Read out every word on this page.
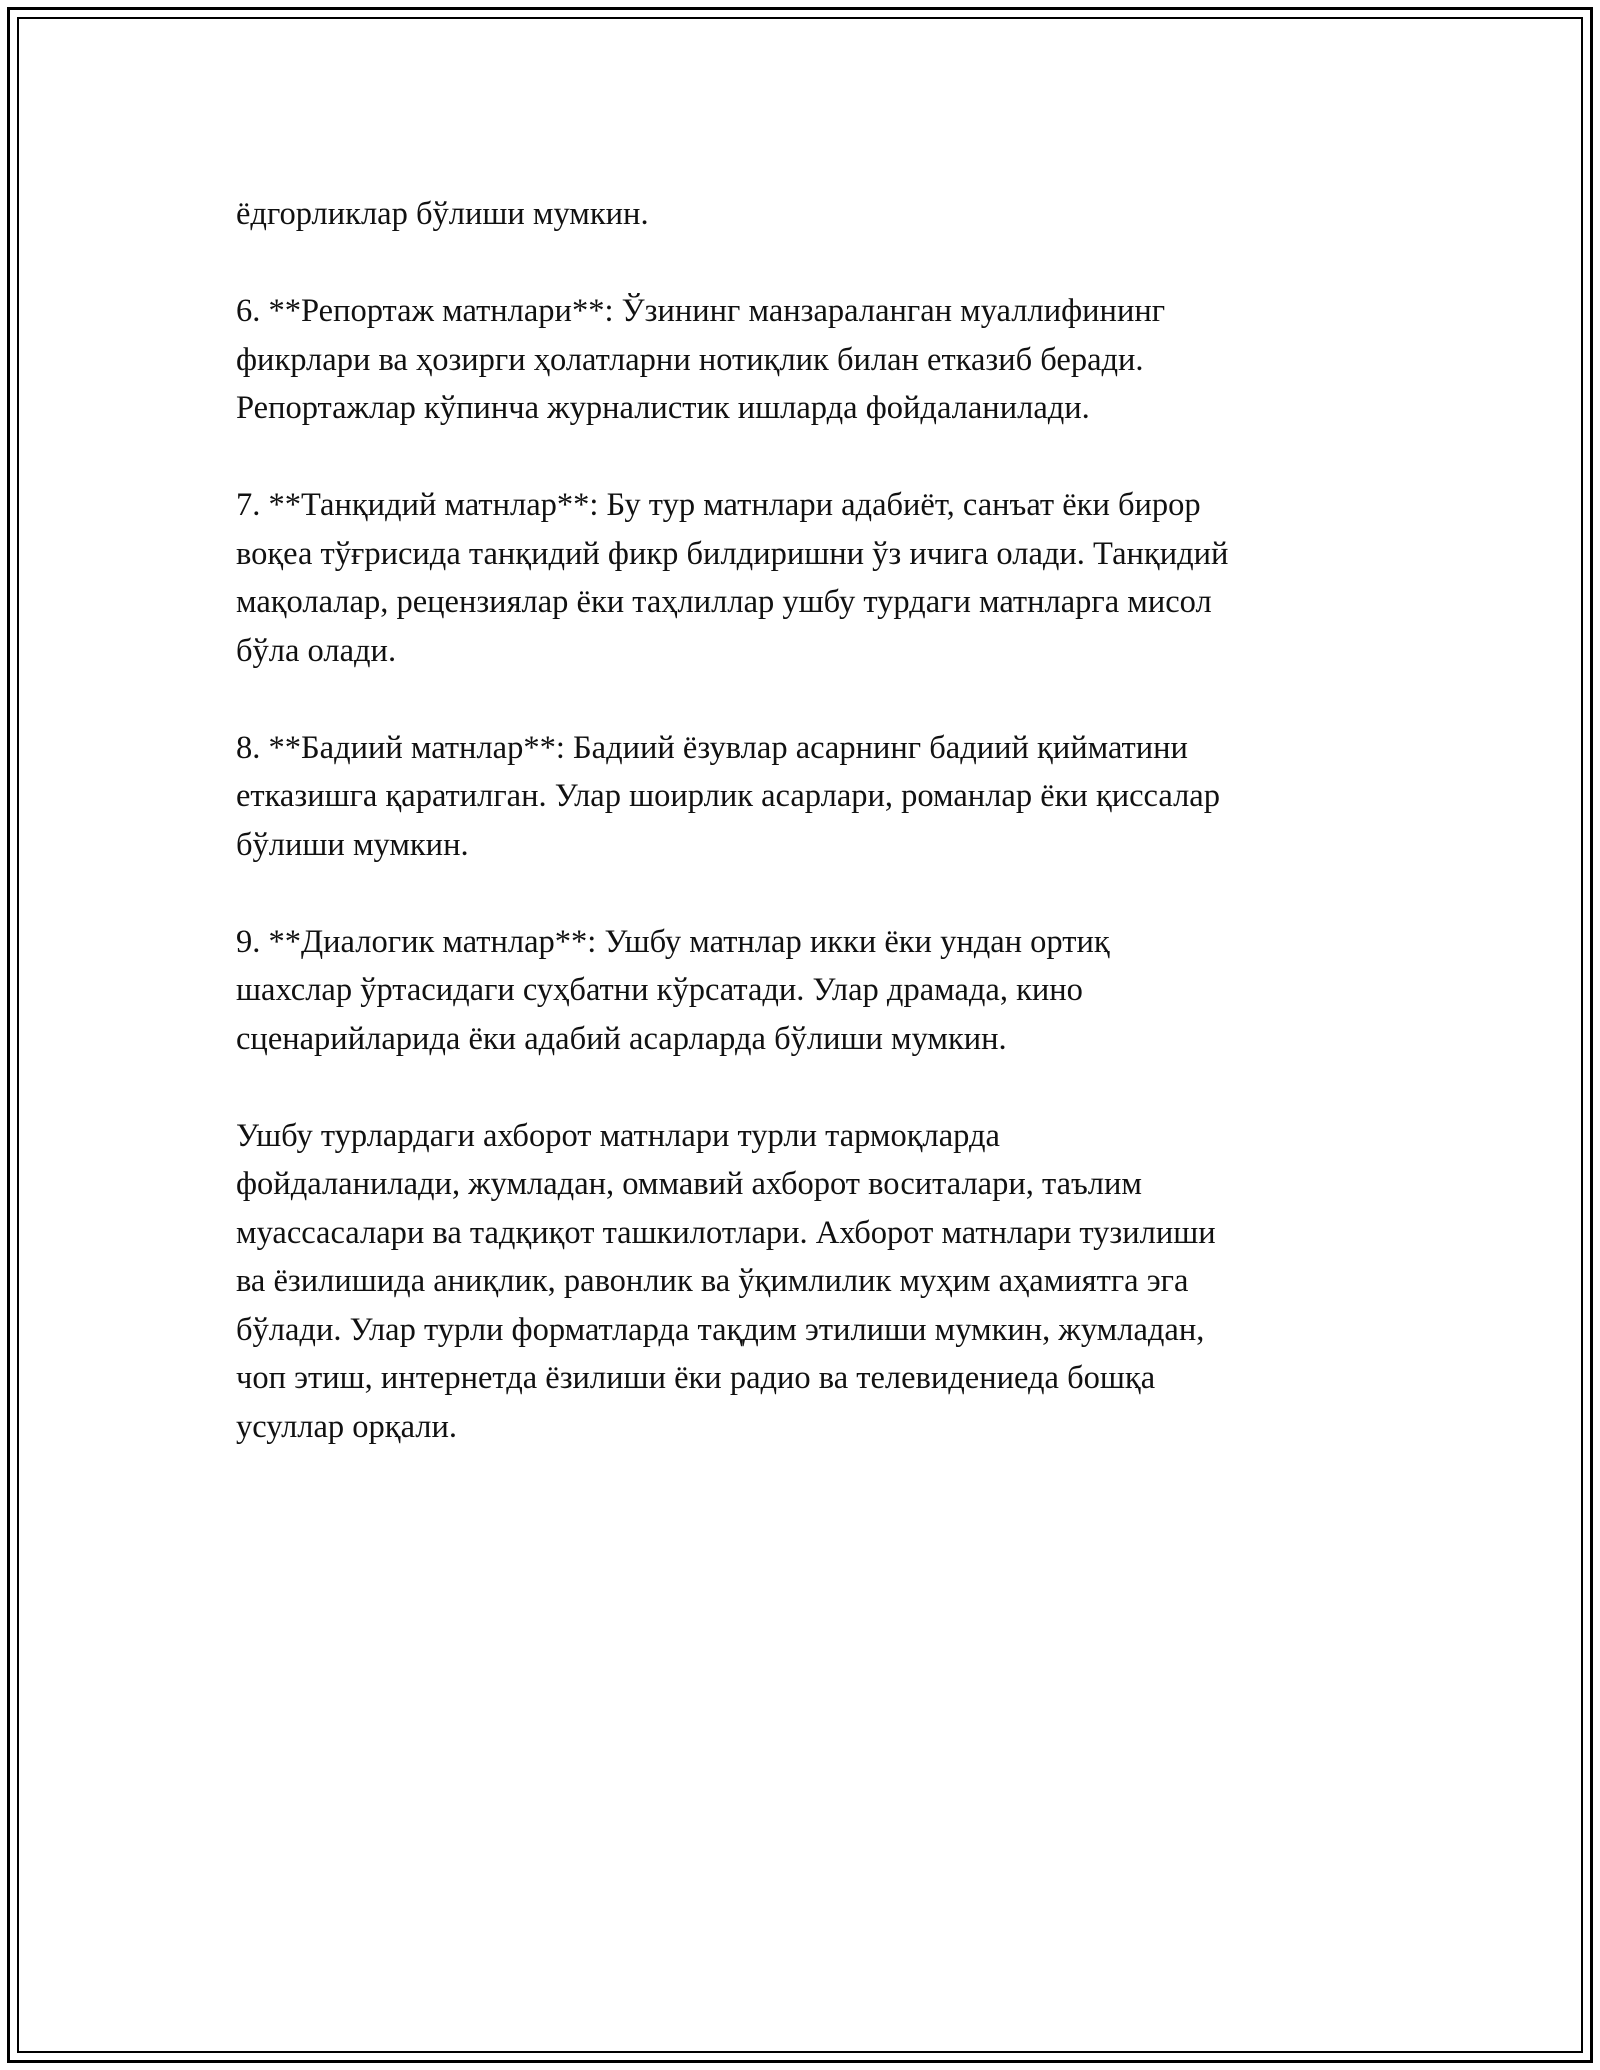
ёдгорликлар бўлиши мумкин.
6. **Репортаж матнлари**: Ўзининг манзараланган муаллифининг
фикрлари ва ҳозирги ҳолатларни нотиқлик билан етказиб беради.
Репортажлар кўпинча журналистик ишларда фойдаланилади.
7. **Танқидий матнлар**: Бу тур матнлари адабиёт, санъат ёки бирор
воқеа тўғрисида танқидий фикр билдиришни ўз ичига олади. Танқидий
мақолалар, рецензиялар ёки таҳлиллар ушбу турдаги матнларга мисол
бўла олади.
8. **Бадиий матнлар**: Бадиий ёзувлар асарнинг бадиий қийматини
етказишга қаратилган. Улар шоирлик асарлари, романлар ёки қиссалар
бўлиши мумкин.
9. **Диалогик матнлар**: Ушбу матнлар икки ёки ундан ортиқ
шахслар ўртасидаги суҳбатни кўрсатади. Улар драмада, кино
сценарийларида ёки адабий асарларда бўлиши мумкин.
Ушбу турлардаги ахборот матнлари турли тармоқларда
фойдаланилади, жумладан, оммавий ахборот воситалари, таълим
муассасалари ва тадқиқот ташкилотлари. Ахборот матнлари тузилиши
ва ёзилишида аниқлик, равонлик ва ўқимлилик муҳим аҳамиятга эга
бўлади. Улар турли форматларда тақдим этилиши мумкин, жумладан,
чоп этиш, интернетда ёзилиши ёки радио ва телевидениеда бошқа
усуллар орқали.
